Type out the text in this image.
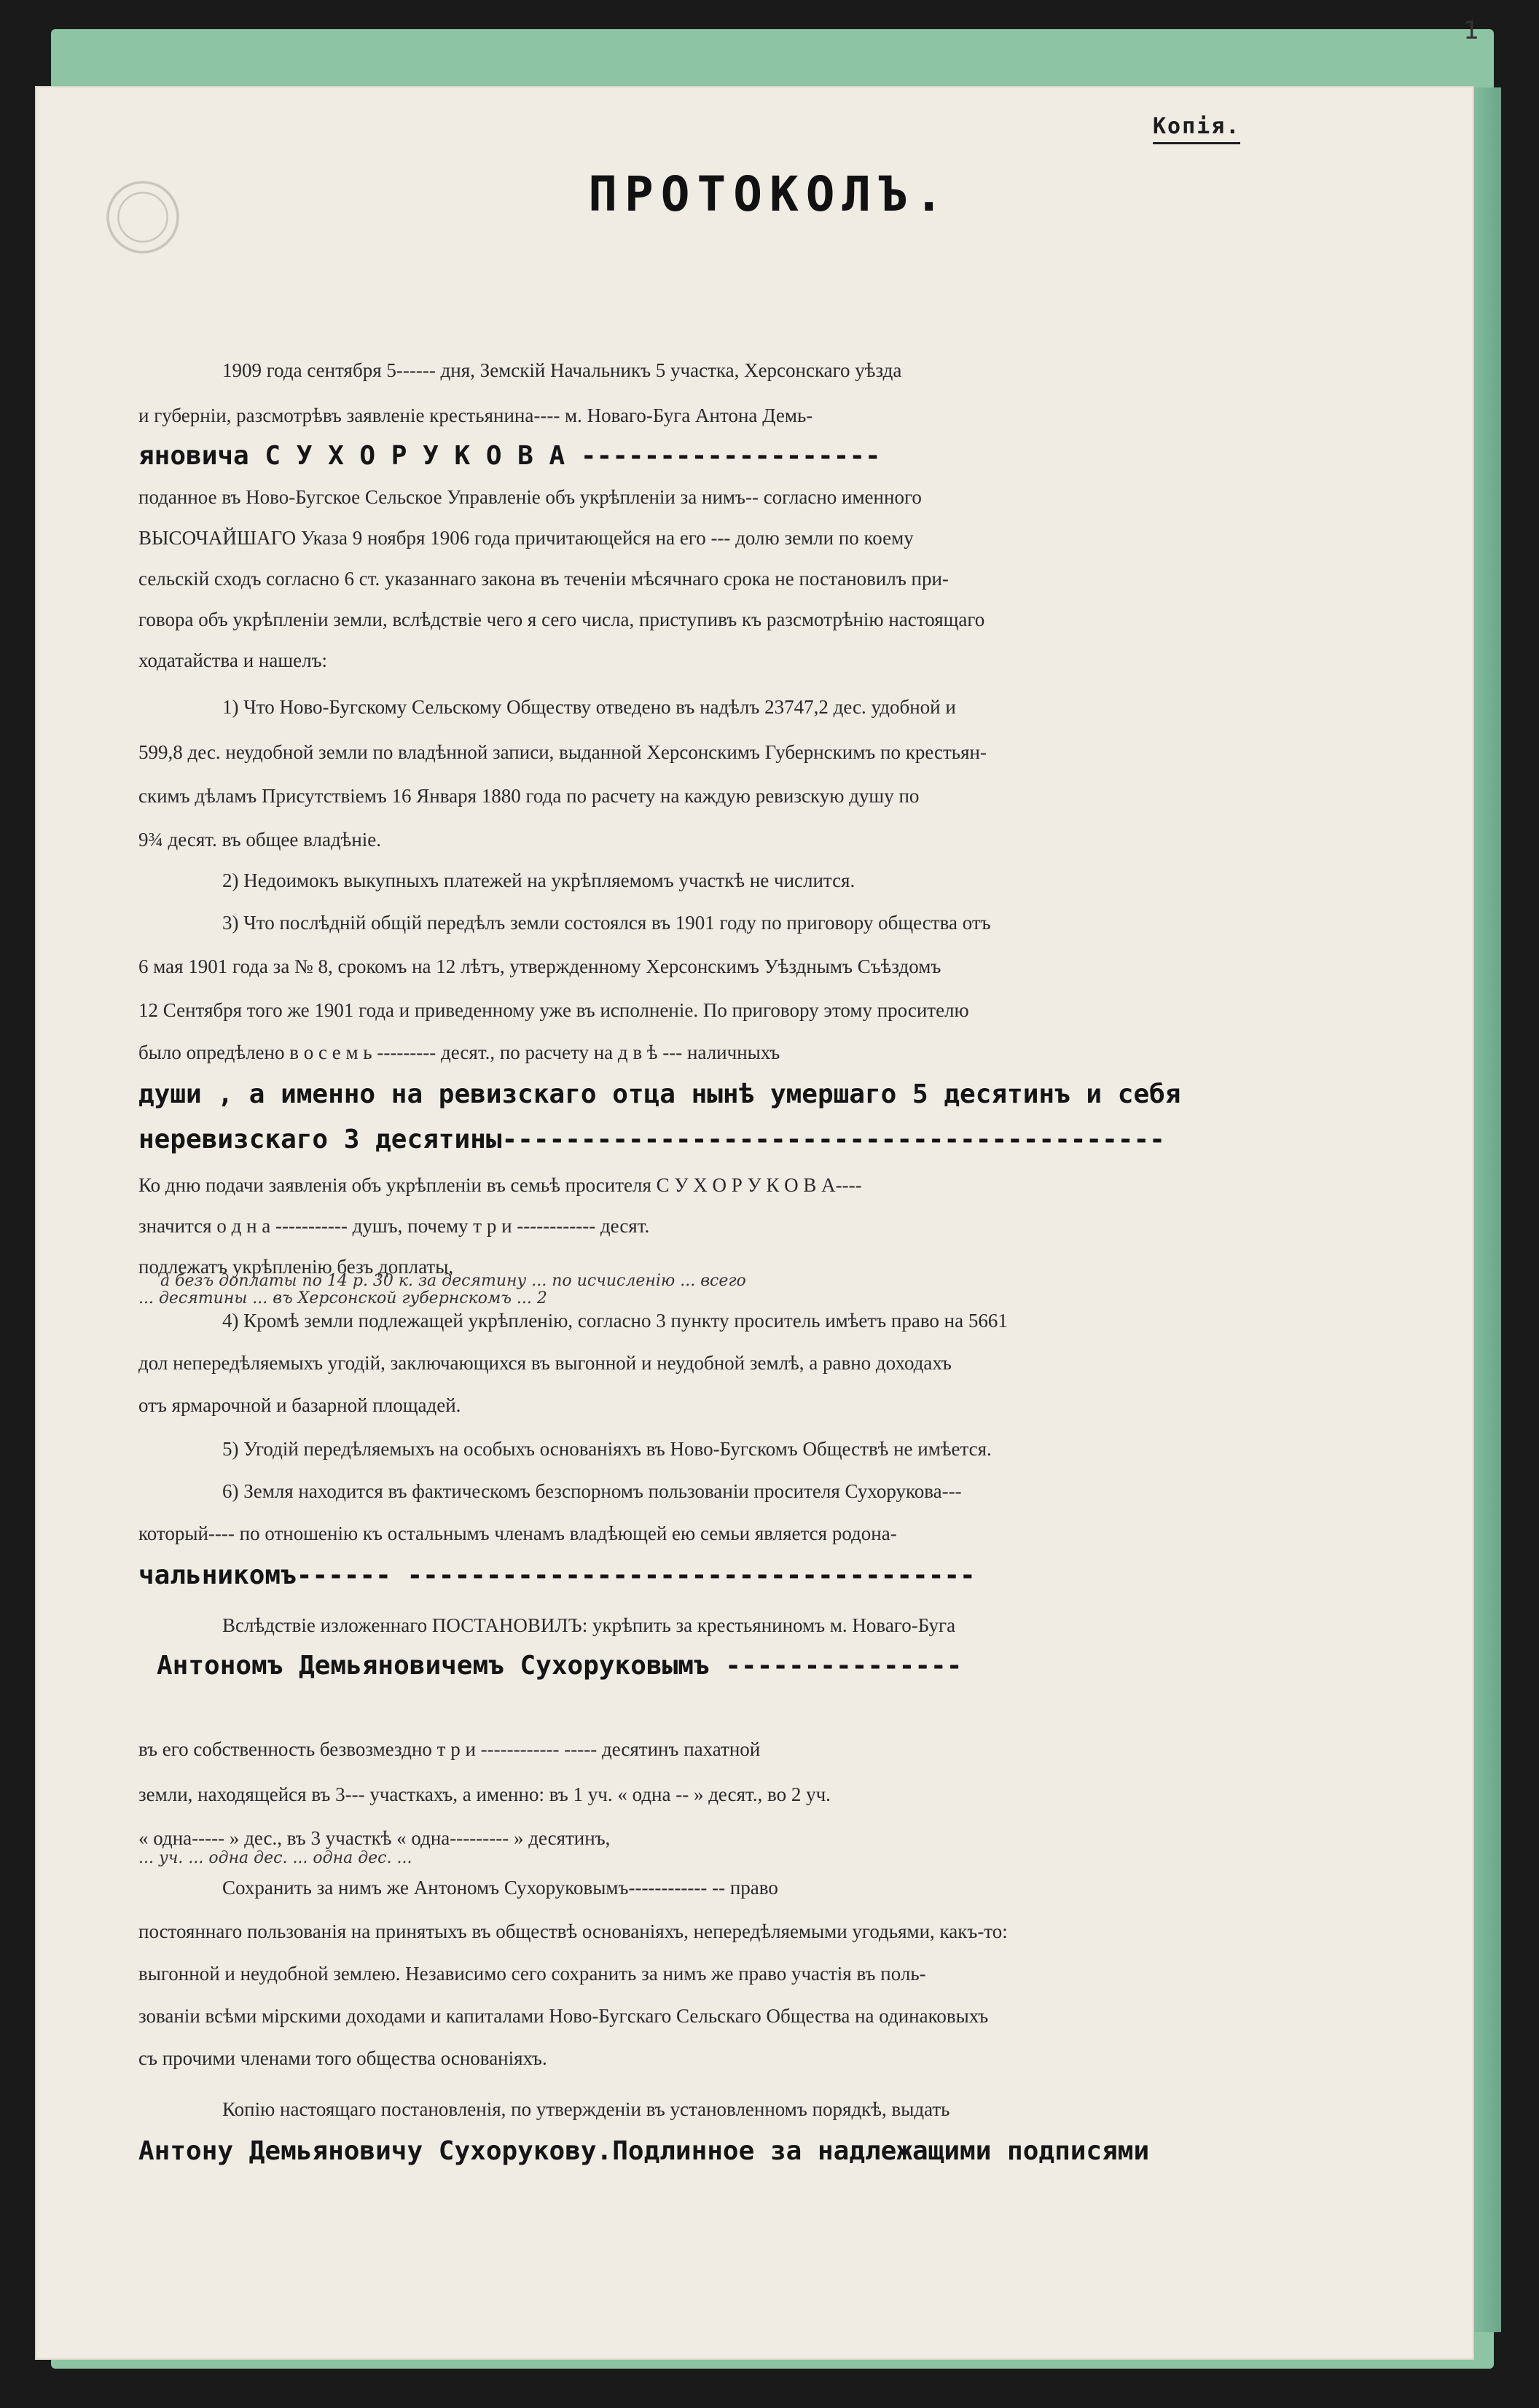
1
Копія.
ПРОТОКОЛЪ.
1909 года сентября 5------ дня, Земскій Начальникъ 5 участка, Херсонскаго уѣзда
и губерніи, разсмотрѣвъ заявленіе крестьянина---- м. Новаго-Буга Антона Демь-
яновича С У Х О Р У К О В А -------------------
поданное въ Ново-Бугское Сельское Управленіе объ укрѣпленіи за нимъ-- согласно именного
ВЫСОЧАЙШАГО Указа 9 ноября 1906 года причитающейся на его --- долю земли по коему
сельскій сходъ согласно 6 ст. указаннаго закона въ теченіи мѣсячнаго срока не постановилъ при-
говора объ укрѣпленіи земли, вслѣдствіе чего я сего числа, приступивъ къ разсмотрѣнію настоящаго
ходатайства и нашелъ:
1) Что Ново-Бугскому Сельскому Обществу отведено въ надѣлъ 23747,2 дес. удобной и
599,8 дес. неудобной земли по владѣнной записи, выданной Херсонскимъ Губернскимъ по крестьян-
скимъ дѣламъ Присутствіемъ 16 Января 1880 года по расчету на каждую ревизскую душу по
9¾ десят. въ общее владѣніе.
2) Недоимокъ выкупныхъ платежей на укрѣпляемомъ участкѣ не числится.
3) Что послѣдній общій передѣлъ земли состоялся въ 1901 году по приговору общества отъ
6 мая 1901 года за № 8, срокомъ на 12 лѣтъ, утвержденному Херсонскимъ Уѣзднымъ Съѣздомъ
12 Сентября того же 1901 года и приведенному уже въ исполненіе. По приговору этому просителю
было опредѣлено в о с е м ь --------- десят., по расчету на д в ѣ --- наличныхъ
души , а именно на ревизскаго отца нынѣ умершаго 5 десятинъ и себя
неревизскаго 3 десятины------------------------------------------
Ко дню подачи заявленія объ укрѣпленіи въ семьѣ просителя С У Х О Р У К О В А----
значится о д н а ----------- душъ, почему т р и ------------ десят.
подлежатъ укрѣпленію безъ доплаты,
а безъ доплаты по 14 р. 30 к. за десятину ... по исчисленію ... всего
... десятины ... въ Херсонской губернскомъ ... 2
4) Кромѣ земли подлежащей укрѣпленію, согласно 3 пункту проситель имѣетъ право на 5661
дол непередѣляемыхъ угодій, заключающихся въ выгонной и неудобной землѣ, а равно доходахъ
отъ ярмарочной и базарной площадей.
5) Угодій передѣляемыхъ на особыхъ основаніяхъ въ Ново-Бугскомъ Обществѣ не имѣется.
6) Земля находится въ фактическомъ безспорномъ пользованіи просителя Сухорукова---
который---- по отношенію къ остальнымъ членамъ владѣющей ею семьи является родона-
чальникомъ------ ------------------------------------
Вслѣдствіе изложеннаго ПОСТАНОВИЛЪ: укрѣпить за крестьяниномъ м. Новаго-Буга
Антономъ Демьяновичемъ Сухоруковымъ ---------------
въ его собственность безвозмездно т р и ------------ ----- десятинъ пахатной
земли, находящейся въ 3--- участкахъ, а именно: въ 1 уч. « одна -- » десят., во 2 уч.
« одна----- » дес., въ 3 участкѣ « одна--------- » десятинъ,
... уч. ... одна дес. ... одна дес. ...
Сохранить за нимъ же Антономъ Сухоруковымъ------------ -- право
постояннаго пользованія на принятыхъ въ обществѣ основаніяхъ, непередѣляемыми угодьями, какъ-то:
выгонной и неудобной землею. Независимо сего сохранить за нимъ же право участія въ поль-
зованіи всѣми мірскими доходами и капиталами Ново-Бугскаго Сельскаго Общества на одинаковыхъ
съ прочими членами того общества основаніяхъ.
Копію настоящаго постановленія, по утвержденіи въ установленномъ порядкѣ, выдать
Антону Демьяновичу Сухорукову.Подлинное за надлежащими подписями
